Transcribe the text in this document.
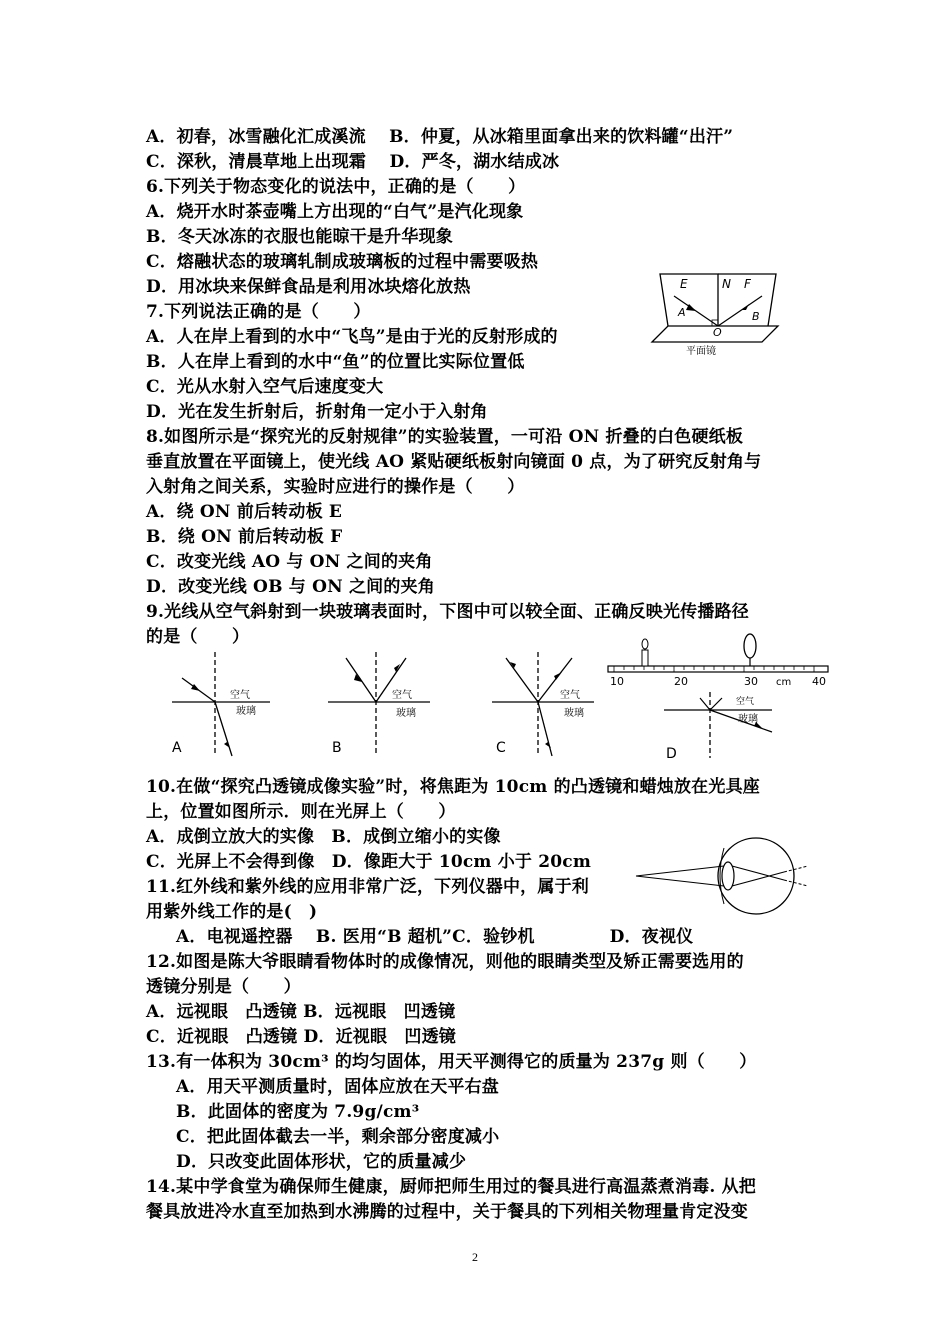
A．初春，冰雪融化汇成溪流　 B．仲夏，从冰箱里面拿出来的饮料罐“出汗”
C．深秋，清晨草地上出现霜　 D．严冬，湖水结成冰
6.下列关于物态变化的说法中，正确的是（　　）
A．烧开水时茶壶嘴上方出现的“白气”是汽化现象
B．冬天冰冻的衣服也能晾干是升华现象
C．熔融状态的玻璃轧制成玻璃板的过程中需要吸热
D．用冰块来保鲜食品是利用冰块熔化放热
7.下列说法正确的是（　　）
A．人在岸上看到的水中“飞鸟”是由于光的反射形成的
B．人在岸上看到的水中“鱼”的位置比实际位置低
C．光从水射入空气后速度变大
D．光在发生折射后，折射角一定小于入射角
8.如图所示是“探究光的反射规律”的实验装置，一可沿 ON 折叠的白色硬纸板
垂直放置在平面镜上，使光线 AO 紧贴硬纸板射向镜面 0 点，为了研究反射角与
入射角之间关系，实验时应进行的操作是（　　）
A．绕 ON 前后转动板 E
B．绕 ON 前后转动板 F
C．改变光线 AO 与 ON 之间的夹角
D．改变光线 OB 与 ON 之间的夹角
9.光线从空气斜射到一块玻璃表面时，下图中可以较全面、正确反映光传播路径
的是（　　）
10.在做“探究凸透镜成像实验”时，将焦距为 10cm 的凸透镜和蜡烛放在光具座
上，位置如图所示．则在光屏上（　　）
A．成倒立放大的实像　B．成倒立缩小的实像
C．光屏上不会得到像　D．像距大于 10cm 小于 20cm
11.红外线和紫外线的应用非常广泛，下列仪器中，属于利
用紫外线工作的是(　)
A．电视遥控器　 B. 医用“B 超机”C．验钞机　　　　 D．夜视仪
12.如图是陈大爷眼睛看物体时的成像情况，则他的眼睛类型及矫正需要选用的
透镜分别是（　　）
A．远视眼　凸透镜 B．远视眼　凹透镜
C．近视眼　凸透镜 D．近视眼　凹透镜
13.有一体积为 30cm³ 的均匀固体，用天平测得它的质量为 237g 则（　　）
A．用天平测质量时，固体应放在天平右盘
B．此固体的密度为 7.9g/cm³
C．把此固体截去一半，剩余部分密度减小
D．只改变此固体形状，它的质量减少
14.某中学食堂为确保师生健康，厨师把师生用过的餐具进行高温蒸煮消毒. 从把
餐具放进冷水直至加热到水沸腾的过程中，关于餐具的下列相关物理量肯定没变
E	N F
A	B
O
平面镜
空气
玻璃
A
空气
玻璃
B
空气
玻璃
C
10	20	30 cm 40
空气
玻璃
D
2
